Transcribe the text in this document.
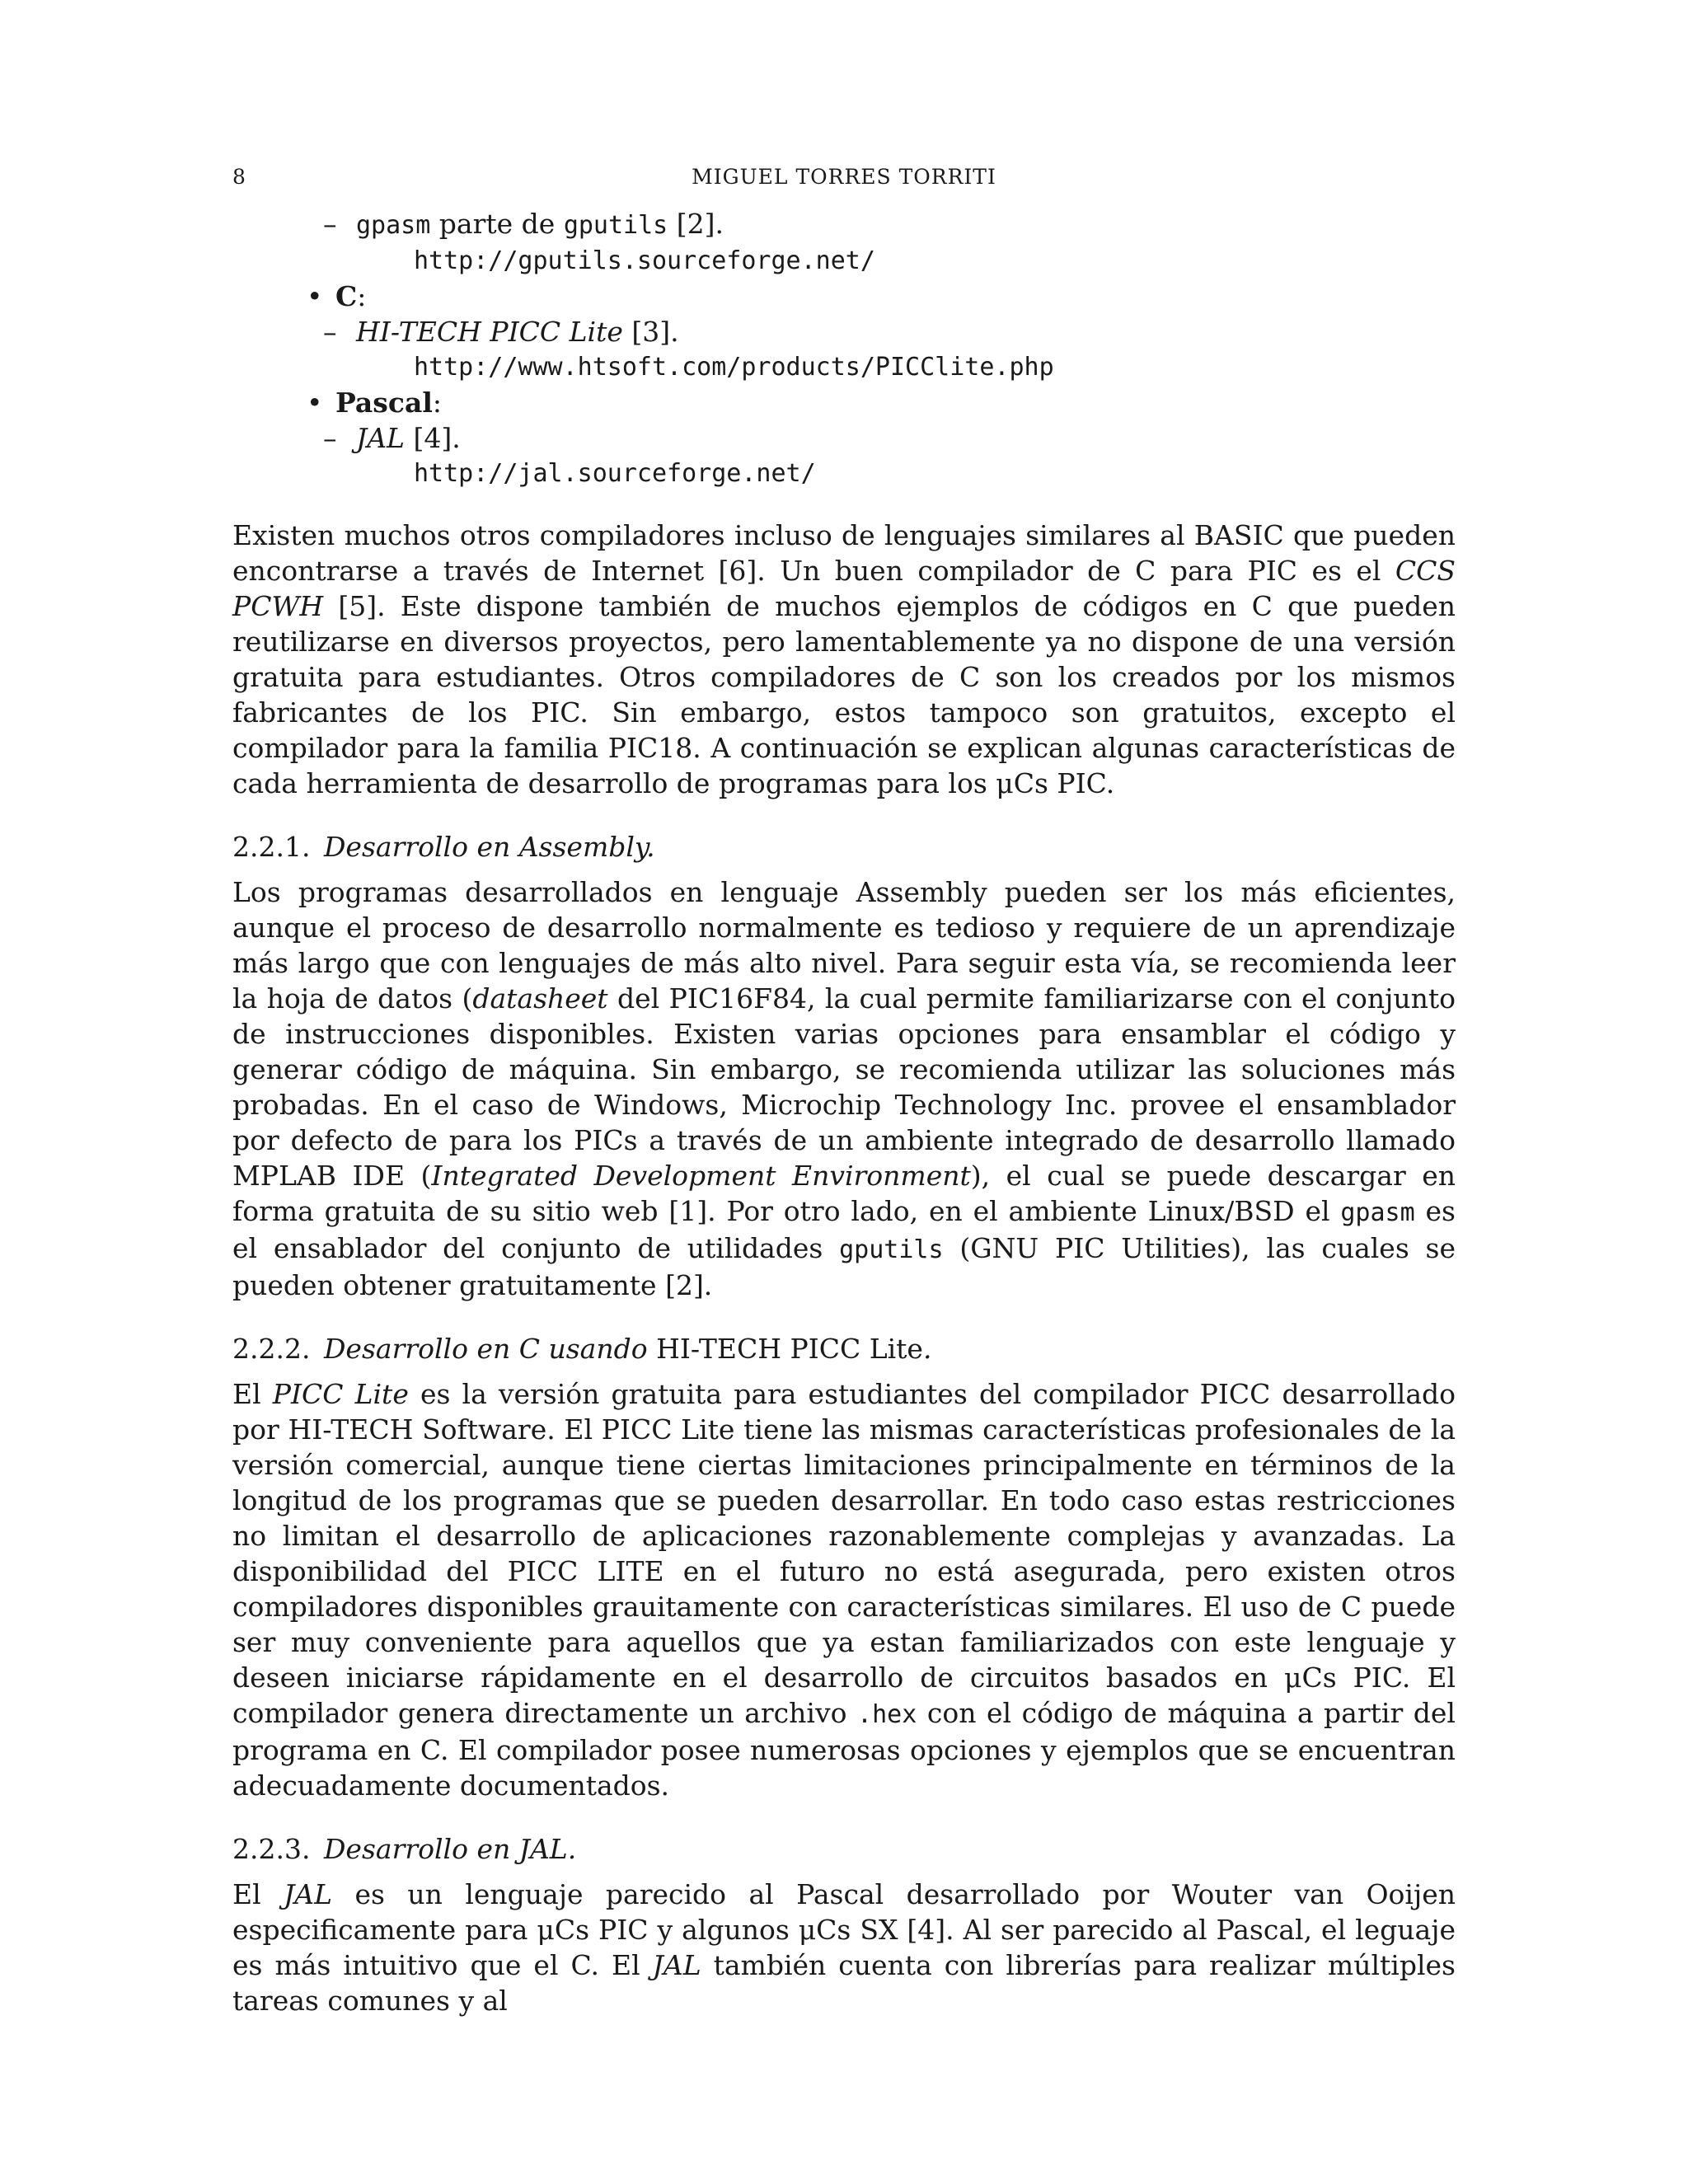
8	MIGUEL TORRES TORRITI
– gpasm parte de gputils [2].
http://gputils.sourceforge.net/
• C:
– HI-TECH PICC Lite [3].
http://www.htsoft.com/products/PICClite.php
• Pascal:
– JAL [4].
http://jal.sourceforge.net/

Existen muchos otros compiladores incluso de lenguajes similares al BASIC que pueden encontrarse a través de Internet [6]. Un buen compilador de C para PIC es el CCS PCWH [5]. Este dispone también de muchos ejemplos de códigos en C que pueden reutilizarse en diversos proyectos, pero lamentablemente ya no dispone de una versión gratuita para estudiantes. Otros compiladores de C son los creados por los mismos fabricantes de los PIC. Sin embargo, estos tampoco son gratuitos, excepto el compilador para la familia PIC18. A continuación se explican algunas características de cada herramienta de desarrollo de programas para los μCs PIC.

2.2.1. Desarrollo en Assembly.

Los programas desarrollados en lenguaje Assembly pueden ser los más eficientes, aunque el proceso de desarrollo normalmente es tedioso y requiere de un aprendizaje más largo que con lenguajes de más alto nivel. Para seguir esta vía, se recomienda leer la hoja de datos (datasheet del PIC16F84, la cual permite familiarizarse con el conjunto de instrucciones disponibles. Existen varias opciones para ensamblar el código y generar código de máquina. Sin embargo, se recomienda utilizar las soluciones más probadas. En el caso de Windows, Microchip Technology Inc. provee el ensamblador por defecto de para los PICs a través de un ambiente integrado de desarrollo llamado MPLAB IDE (Integrated Development Environment), el cual se puede descargar en forma gratuita de su sitio web [1]. Por otro lado, en el ambiente Linux/BSD el gpasm es el ensablador del conjunto de utilidades gputils (GNU PIC Utilities), las cuales se pueden obtener gratuitamente [2].

2.2.2. Desarrollo en C usando HI-TECH PICC Lite.

El PICC Lite es la versión gratuita para estudiantes del compilador PICC desarrollado por HI-TECH Software. El PICC Lite tiene las mismas características profesionales de la versión comercial, aunque tiene ciertas limitaciones principalmente en términos de la longitud de los programas que se pueden desarrollar. En todo caso estas restricciones no limitan el desarrollo de aplicaciones razonablemente complejas y avanzadas. La disponibilidad del PICC LITE en el futuro no está asegurada, pero existen otros compiladores disponibles grauitamente con características similares. El uso de C puede ser muy conveniente para aquellos que ya estan familiarizados con este lenguaje y deseen iniciarse rápidamente en el desarrollo de circuitos basados en μCs PIC. El compilador genera directamente un archivo .hex con el código de máquina a partir del programa en C. El compilador posee numerosas opciones y ejemplos que se encuentran adecuadamente documentados.

2.2.3. Desarrollo en JAL.

El JAL es un lenguaje parecido al Pascal desarrollado por Wouter van Ooijen especificamente para μCs PIC y algunos μCs SX [4]. Al ser parecido al Pascal, el leguaje es más intuitivo que el C. El JAL también cuenta con librerías para realizar múltiples tareas comunes y al
